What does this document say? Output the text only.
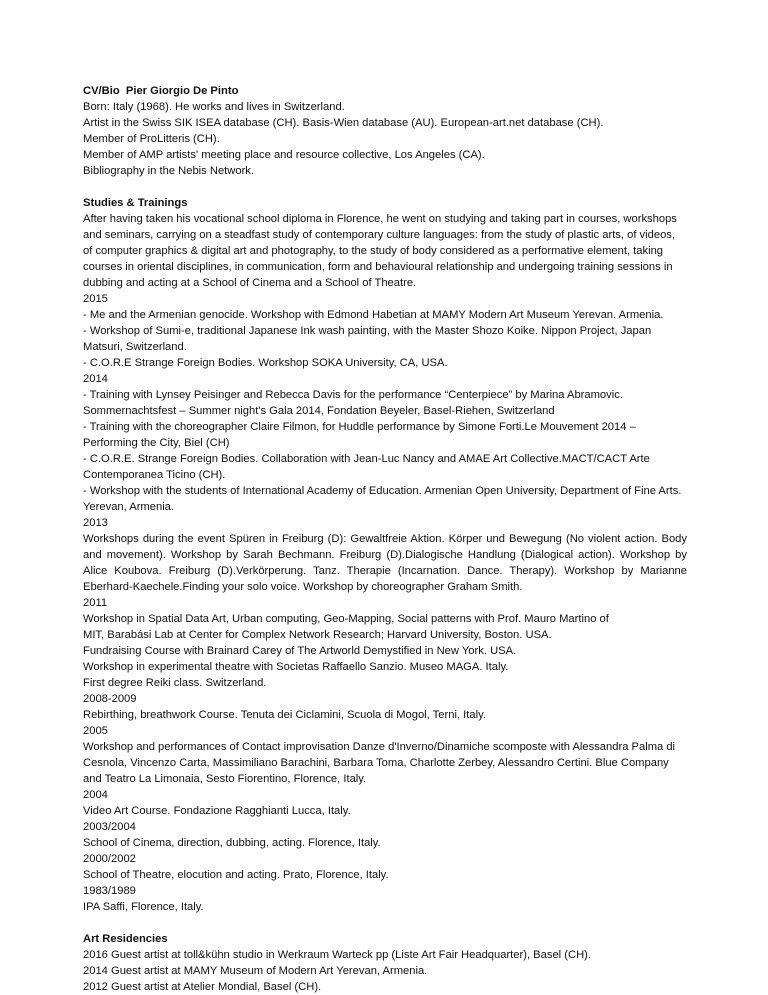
CV/Bio Pier Giorgio De Pinto
Born: Italy (1968). He works and lives in Switzerland.
Artist in the Swiss SIK ISEA database (CH). Basis-Wien database (AU). European-art.net database (CH).
Member of ProLitteris (CH).
Member of AMP artists' meeting place and resource collective, Los Angeles (CA).
Bibliography in the Nebis Network.
Studies & Trainings
After having taken his vocational school diploma in Florence, he went on studying and taking part in courses, workshops and seminars, carrying on a steadfast study of contemporary culture languages: from the study of plastic arts, of videos, of computer graphics & digital art and photography, to the study of body considered as a performative element, taking courses in oriental disciplines, in communication, form and behavioural relationship and undergoing training sessions in dubbing and acting at a School of Cinema and a School of Theatre.
2015
- Me and the Armenian genocide. Workshop with Edmond Habetian at MAMY Modern Art Museum Yerevan. Armenia.
- Workshop of Sumi-e, traditional Japanese Ink wash painting, with the Master Shozo Koike. Nippon Project, Japan Matsuri, Switzerland.
- C.O.R.E Strange Foreign Bodies. Workshop SOKA University, CA, USA.
2014
- Training with Lynsey Peisinger and Rebecca Davis for the performance “Centerpiece” by Marina Abramovic. Sommernachtsfest – Summer night's Gala 2014, Fondation Beyeler, Basel-Riehen, Switzerland
- Training with the choreographer Claire Filmon, for Huddle performance by Simone Forti.Le Mouvement 2014 – Performing the City, Biel (CH)
- C.O.R.E. Strange Foreign Bodies. Collaboration with Jean-Luc Nancy and AMAE Art Collective.MACT/CACT Arte Contemporanea Ticino (CH).
- Workshop with the students of International Academy of Education. Armenian Open University, Department of Fine Arts. Yerevan, Armenia.
2013
Workshops during the event Spüren in Freiburg (D): Gewaltfreie Aktion. Körper und Bewegung (No violent action. Body and movement). Workshop by Sarah Bechmann. Freiburg (D).Dialogische Handlung (Dialogical action). Workshop by Alice Koubova. Freiburg (D).Verkörperung. Tanz. Therapie (Incarnation. Dance. Therapy). Workshop by Marianne Eberhard-Kaechele.Finding your solo voice. Workshop by choreographer Graham Smith.
2011
Workshop in Spatial Data Art, Urban computing, Geo-Mapping, Social patterns with Prof. Mauro Martino of
MIT, Barabási Lab at Center for Complex Network Research; Harvard University, Boston. USA.
Fundraising Course with Brainard Carey of The Artworld Demystified in New York. USA.
Workshop in experimental theatre with Societas Raffaello Sanzio. Museo MAGA. Italy.
First degree Reiki class. Switzerland.
2008-2009
Rebirthing, breathwork Course. Tenuta dei Ciclamini, Scuola di Mogol, Terni, Italy.
2005
Workshop and performances of Contact improvisation Danze d'Inverno/Dinamiche scomposte with Alessandra Palma di Cesnola, Vincenzo Carta, Massimiliano Barachini, Barbara Toma, Charlotte Zerbey, Alessandro Certini. Blue Company and Teatro La Limonaia, Sesto Fiorentino, Florence, Italy.
2004
Video Art Course. Fondazione Ragghianti Lucca, Italy.
2003/2004
School of Cinema, direction, dubbing, acting. Florence, Italy.
2000/2002
School of Theatre, elocution and acting. Prato, Florence, Italy.
1983/1989
IPA Saffi, Florence, Italy.
Art Residencies
2016 Guest artist at toll&kühn studio in Werkraum Warteck pp (Liste Art Fair Headquarter), Basel (CH).
2014 Guest artist at MAMY Museum of Modern Art Yerevan, Armenia.
2012 Guest artist at Atelier Mondial, Basel (CH).
